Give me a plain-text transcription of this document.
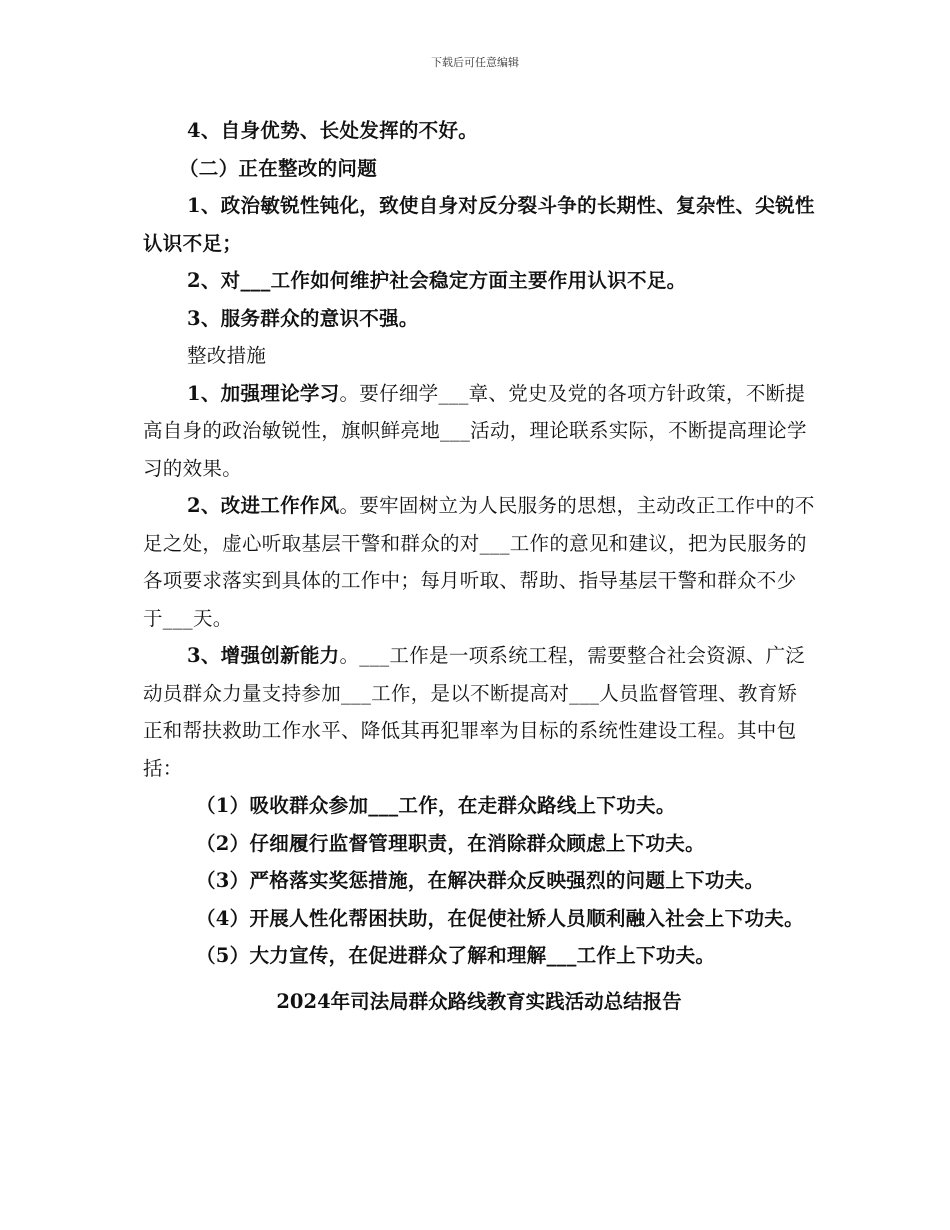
下载后可任意编辑

4、自身优势、长处发挥的不好。

（二）正在整改的问题

1、政治敏锐性钝化，致使自身对反分裂斗争的长期性、复杂性、尖锐性认识不足；

2、对___工作如何维护社会稳定方面主要作用认识不足。

3、服务群众的意识不强。

整改措施

1、加强理论学习。要仔细学___章、党史及党的各项方针政策，不断提高自身的政治敏锐性，旗帜鲜亮地___活动，理论联系实际，不断提高理论学习的效果。

2、改进工作作风。要牢固树立为人民服务的思想，主动改正工作中的不足之处，虚心听取基层干警和群众的对___工作的意见和建议，把为民服务的各项要求落实到具体的工作中；每月听取、帮助、指导基层干警和群众不少于___天。

3、增强创新能力。___工作是一项系统工程，需要整合社会资源、广泛动员群众力量支持参加___工作，是以不断提高对___人员监督管理、教育矫正和帮扶救助工作水平、降低其再犯罪率为目标的系统性建设工程。其中包括：

（1）吸收群众参加___工作，在走群众路线上下功夫。

（2）仔细履行监督管理职责，在消除群众顾虑上下功夫。

（3）严格落实奖惩措施，在解决群众反映强烈的问题上下功夫。

（4）开展人性化帮困扶助，在促使社矫人员顺利融入社会上下功夫。

（5）大力宣传，在促进群众了解和理解___工作上下功夫。

2024年司法局群众路线教育实践活动总结报告
